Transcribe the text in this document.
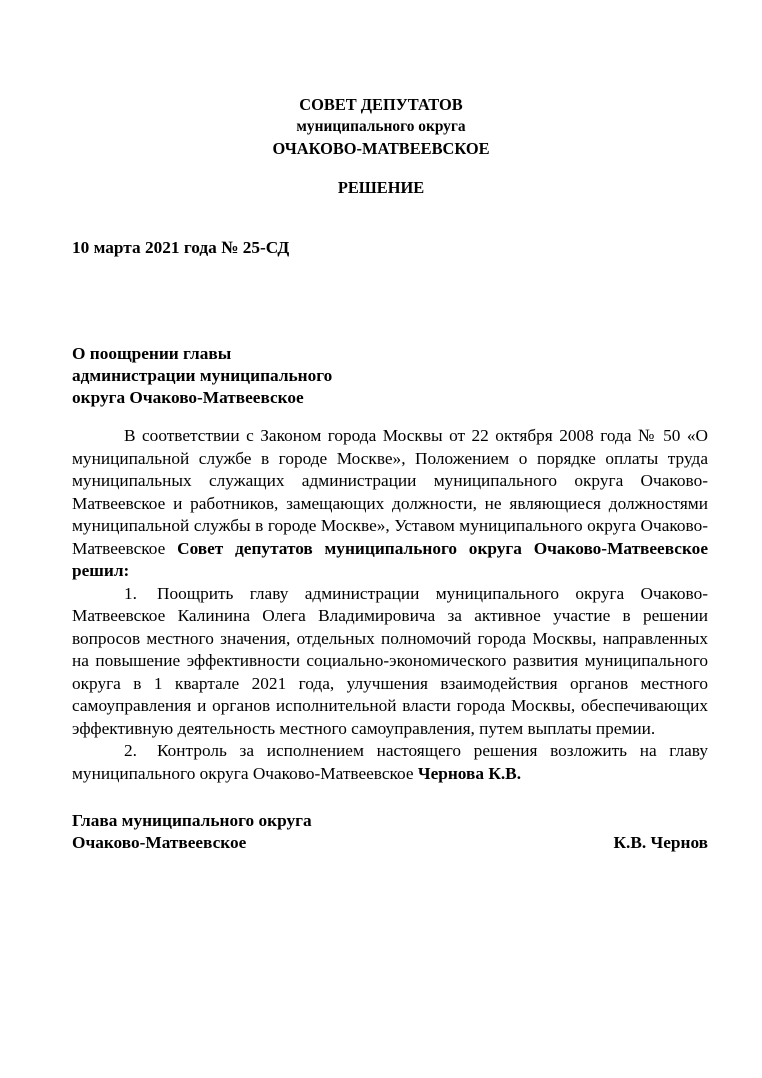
СОВЕТ ДЕПУТАТОВ
муниципального округа
ОЧАКОВО-МАТВЕЕВСКОЕ
РЕШЕНИЕ
10 марта 2021 года № 25-СД
О поощрении главы
администрации муниципального
округа Очаково-Матвеевское

В соответствии с Законом города Москвы от 22 октября 2008 года № 50 «О муниципальной службе в городе Москве», Положением о порядке оплаты труда муниципальных служащих администрации муниципального округа Очаково-Матвеевское и работников, замещающих должности, не являющиеся должностями муниципальной службы в городе Москве», Уставом муниципального округа Очаково-Матвеевское Совет депутатов муниципального округа Очаково-Матвеевское решил:

1. Поощрить главу администрации муниципального округа Очаково-Матвеевское Калинина Олега Владимировича за активное участие в решении вопросов местного значения, отдельных полномочий города Москвы, направленных на повышение эффективности социально-экономического развития муниципального округа в 1 квартале 2021 года, улучшения взаимодействия органов местного самоуправления и органов исполнительной власти города Москвы, обеспечивающих эффективную деятельность местного самоуправления, путем выплаты премии.

2. Контроль за исполнением настоящего решения возложить на главу муниципального округа Очаково-Матвеевское Чернова К.В.

Глава муниципального округа
Очаково-Матвеевское	К.В. Чернов
